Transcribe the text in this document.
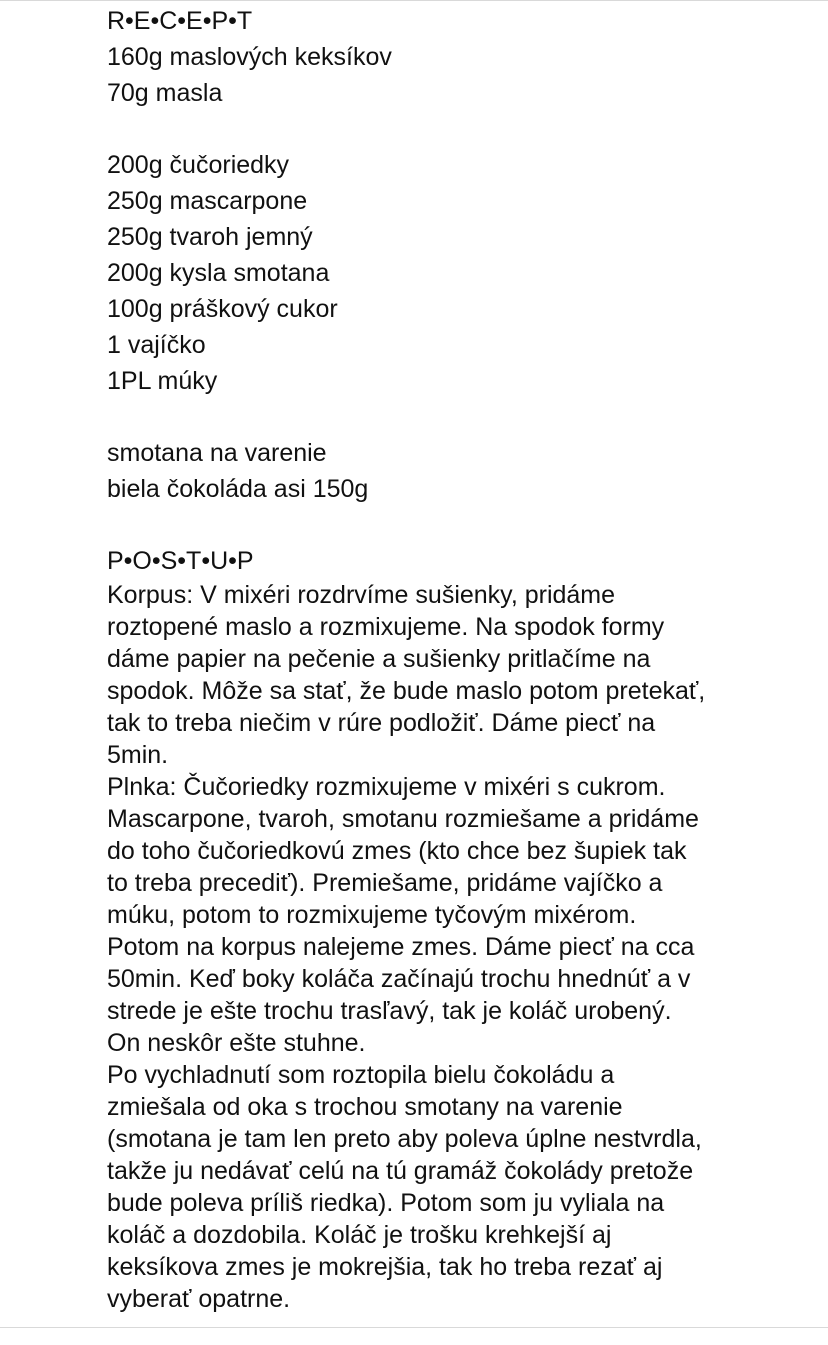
R•E•C•E•P•T
160g maslových keksíkov
70g masla
200g čučoriedky
250g mascarpone
250g tvaroh jemný
200g kysla smotana
100g práškový cukor
1 vajíčko
1PL múky
smotana na varenie
biela čokoláda asi 150g
P•O•S•T•U•P
Korpus: V mixéri rozdrvíme sušienky, pridáme
roztopené maslo a rozmixujeme. Na spodok formy
dáme papier na pečenie a sušienky pritlačíme na
spodok. Môže sa stať, že bude maslo potom pretekať,
tak to treba niečim v rúre podložiť. Dáme piecť na
5min.
Plnka: Čučoriedky rozmixujeme v mixéri s cukrom.
Mascarpone, tvaroh, smotanu rozmiešame a pridáme
do toho čučoriedkovú zmes (kto chce bez šupiek tak
to treba precediť). Premiešame, pridáme vajíčko a
múku, potom to rozmixujeme tyčovým mixérom.
Potom na korpus nalejeme zmes. Dáme piecť na cca
50min. Keď boky koláča začínajú trochu hnednúť a v
strede je ešte trochu trasľavý, tak je koláč urobený.
On neskôr ešte stuhne.
Po vychladnutí som roztopila bielu čokoládu a
zmiešala od oka s trochou smotany na varenie
(smotana je tam len preto aby poleva úplne nestvrdla,
takže ju nedávať celú na tú gramáž čokolády pretože
bude poleva príliš riedka). Potom som ju vyliala na
koláč a dozdobila. Koláč je trošku krehkejší aj
keksíkova zmes je mokrejšia, tak ho treba rezať aj
vyberať opatrne.
